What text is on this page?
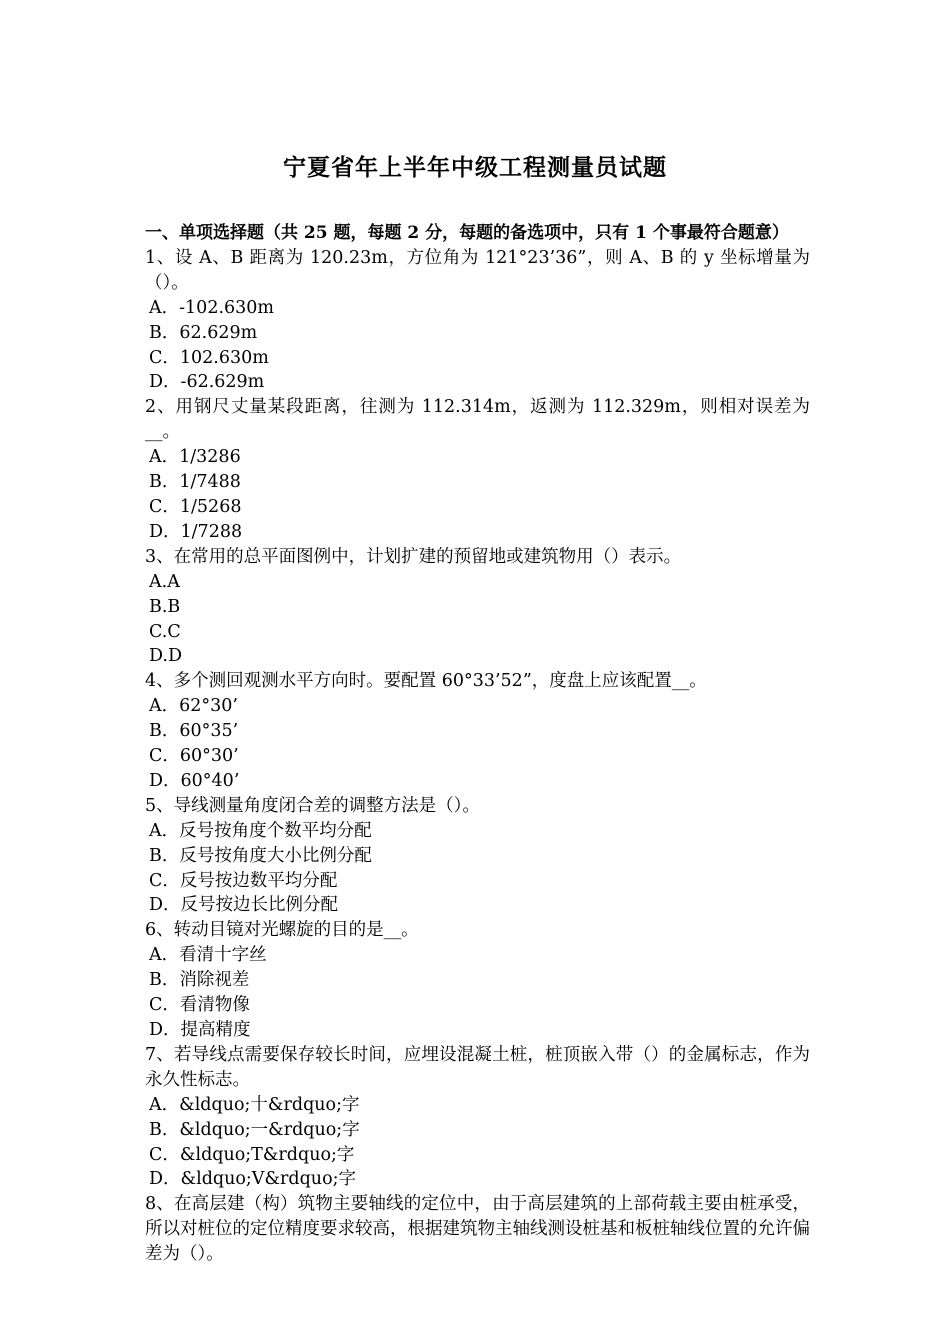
宁夏省年上半年中级工程测量员试题
一、单项选择题（共 25 题，每题 2 分，每题的备选项中，只有 1 个事最符合题意）
1、设 A、B 距离为 120.23m，方位角为 121°23’36”，则 A、B 的 y 坐标增量为（）。
A．-102.630m
B．62.629m
C．102.630m
D．-62.629m
2、用钢尺丈量某段距离，往测为 112.314m，返测为 112.329m，则相对误差为__。
A．1/3286
B．1/7488
C．1/5268
D．1/7288
3、在常用的总平面图例中，计划扩建的预留地或建筑物用（）表示。
A.A
B.B
C.C
D.D
4、多个测回观测水平方向时。要配置 60°33’52”，度盘上应该配置__。
A．62°30’
B．60°35’
C．60°30’
D．60°40’
5、导线测量角度闭合差的调整方法是（）。
A．反号按角度个数平均分配
B．反号按角度大小比例分配
C．反号按边数平均分配
D．反号按边长比例分配
6、转动目镜对光螺旋的目的是__。
A．看清十字丝
B．消除视差
C．看清物像
D．提高精度
7、若导线点需要保存较长时间，应埋设混凝土桩，桩顶嵌入带（）的金属标志，作为永久性标志。
A．&ldquo;十&rdquo;字
B．&ldquo;一&rdquo;字
C．&ldquo;T&rdquo;字
D．&ldquo;V&rdquo;字
8、在高层建（构）筑物主要轴线的定位中，由于高层建筑的上部荷载主要由桩承受，所以对桩位的定位精度要求较高，根据建筑物主轴线测设桩基和板桩轴线位置的允许偏差为（）。
